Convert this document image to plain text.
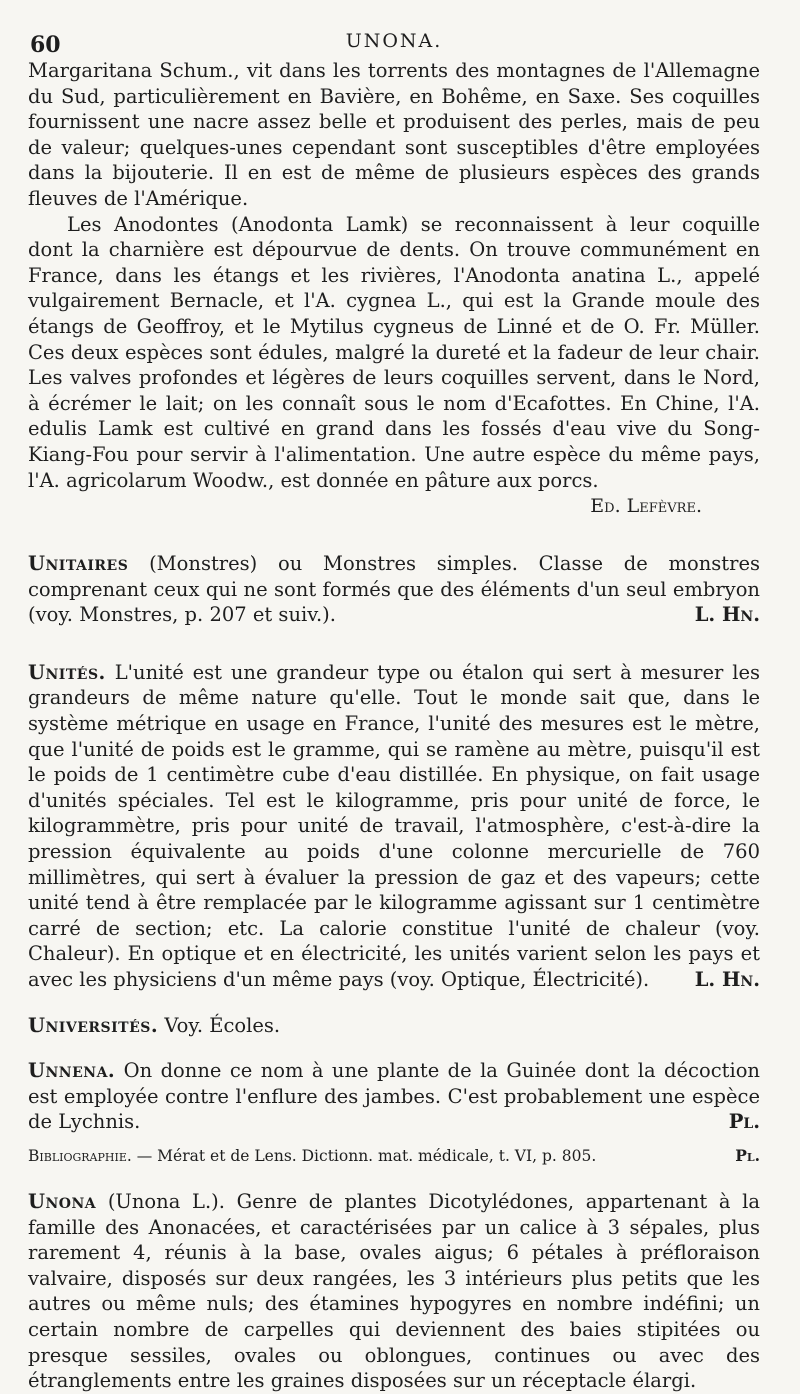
60	UNONA.

Margaritana Schum., vit dans les torrents des montagnes de l'Allemagne du Sud, particulièrement en Bavière, en Bohême, en Saxe. Ses coquilles fournissent une nacre assez belle et produisent des perles, mais de peu de valeur; quelques-unes cependant sont susceptibles d'être employées dans la bijouterie. Il en est de même de plusieurs espèces des grands fleuves de l'Amérique.

Les Anodontes (Anodonta Lamk) se reconnaissent à leur coquille dont la charnière est dépourvue de dents. On trouve communément en France, dans les étangs et les rivières, l'Anodonta anatina L., appelé vulgairement Bernacle, et l'A. cygnea L., qui est la Grande moule des étangs de Geoffroy, et le Mytilus cygneus de Linné et de O. Fr. Müller. Ces deux espèces sont édules, malgré la dureté et la fadeur de leur chair. Les valves profondes et légères de leurs coquilles servent, dans le Nord, à écrémer le lait; on les connaît sous le nom d'Ecafottes. En Chine, l'A. edulis Lamk est cultivé en grand dans les fossés d'eau vive du Song-Kiang-Fou pour servir à l'alimentation. Une autre espèce du même pays, l'A. agricolarum Woodw., est donnée en pâture aux porcs.

Ed. Lefèvre.

Unitaires (Monstres) ou Monstres simples. Classe de monstres comprenant ceux qui ne sont formés que des éléments d'un seul embryon (voy. Monstres, p. 207 et suiv.).	L. Hn.

Unités. L'unité est une grandeur type ou étalon qui sert à mesurer les grandeurs de même nature qu'elle. Tout le monde sait que, dans le système métrique en usage en France, l'unité des mesures est le mètre, que l'unité de poids est le gramme, qui se ramène au mètre, puisqu'il est le poids de 1 centimètre cube d'eau distillée. En physique, on fait usage d'unités spéciales. Tel est le kilogramme, pris pour unité de force, le kilogrammètre, pris pour unité de travail, l'atmosphère, c'est-à-dire la pression équivalente au poids d'une colonne mercurielle de 760 millimètres, qui sert à évaluer la pression de gaz et des vapeurs; cette unité tend à être remplacée par le kilogramme agissant sur 1 centimètre carré de section; etc. La calorie constitue l'unité de chaleur (voy. Chaleur). En optique et en électricité, les unités varient selon les pays et avec les physiciens d'un même pays (voy. Optique, Électricité). L. Hn.

Universités. Voy. Écoles.

Unnena. On donne ce nom à une plante de la Guinée dont la décoction est employée contre l'enflure des jambes. C'est probablement une espèce de Lychnis.	Pl.

Bibliographie. — Mérat et de Lens. Dictionn. mat. médicale, t. VI, p. 805.	Pl.

Unona (Unona L.). Genre de plantes Dicotylédones, appartenant à la famille des Anonacées, et caractérisées par un calice à 3 sépales, plus rarement 4, réunis à la base, ovales aigus; 6 pétales à préfloraison valvaire, disposés sur deux rangées, les 3 intérieurs plus petits que les autres ou même nuls; des étamines hypogyres en nombre indéfini; un certain nombre de carpelles qui deviennent des baies stipitées ou presque sessiles, ovales ou oblongues, continues ou avec des étranglements entre les graines disposées sur un réceptacle élargi.
